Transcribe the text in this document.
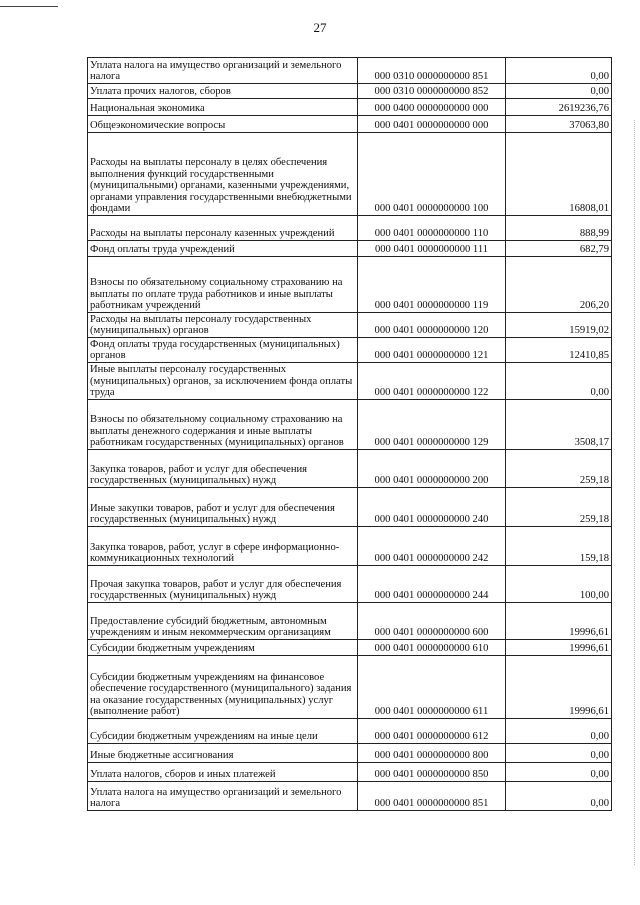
27
Уплата налога на имущество организаций и земельного налога	000 0310 0000000000 851	0,00
Уплата прочих налогов, сборов	000 0310 0000000000 852	0,00
Национальная экономика	000 0400 0000000000 000	2619236,76
Общеэкономические вопросы	000 0401 0000000000 000	37063,80
Расходы на выплаты персоналу в целях обеспечения выполнения функций государственными (муниципальными) органами, казенными учреждениями, органами управления государственными внебюджетными фондами	000 0401 0000000000 100	16808,01
Расходы на выплаты персоналу казенных учреждений	000 0401 0000000000 110	888,99
Фонд оплаты труда учреждений	000 0401 0000000000 111	682,79
Взносы по обязательному социальному страхованию на выплаты по оплате труда работников и иные выплаты работникам учреждений	000 0401 0000000000 119	206,20
Расходы на выплаты персоналу государственных (муниципальных) органов	000 0401 0000000000 120	15919,02
Фонд оплаты труда государственных (муниципальных) органов	000 0401 0000000000 121	12410,85
Иные выплаты персоналу государственных (муниципальных) органов, за исключением фонда оплаты труда	000 0401 0000000000 122	0,00
Взносы по обязательному социальному страхованию на выплаты денежного содержания и иные выплаты работникам государственных (муниципальных) органов	000 0401 0000000000 129	3508,17
Закупка товаров, работ и услуг для обеспечения государственных (муниципальных) нужд	000 0401 0000000000 200	259,18
Иные закупки товаров, работ и услуг для обеспечения государственных (муниципальных) нужд	000 0401 0000000000 240	259,18
Закупка товаров, работ, услуг в сфере информационно-коммуникационных технологий	000 0401 0000000000 242	159,18
Прочая закупка товаров, работ и услуг для обеспечения государственных (муниципальных) нужд	000 0401 0000000000 244	100,00
Предоставление субсидий бюджетным, автономным учреждениям и иным некоммерческим организациям	000 0401 0000000000 600	19996,61
Субсидии бюджетным учреждениям	000 0401 0000000000 610	19996,61
Субсидии бюджетным учреждениям на финансовое обеспечение государственного (муниципального) задания на оказание государственных (муниципальных) услуг (выполнение работ)	000 0401 0000000000 611	19996,61
Субсидии бюджетным учреждениям на иные цели	000 0401 0000000000 612	0,00
Иные бюджетные ассигнования	000 0401 0000000000 800	0,00
Уплата налогов, сборов и иных платежей	000 0401 0000000000 850	0,00
Уплата налога на имущество организаций и земельного налога	000 0401 0000000000 851	0,00
